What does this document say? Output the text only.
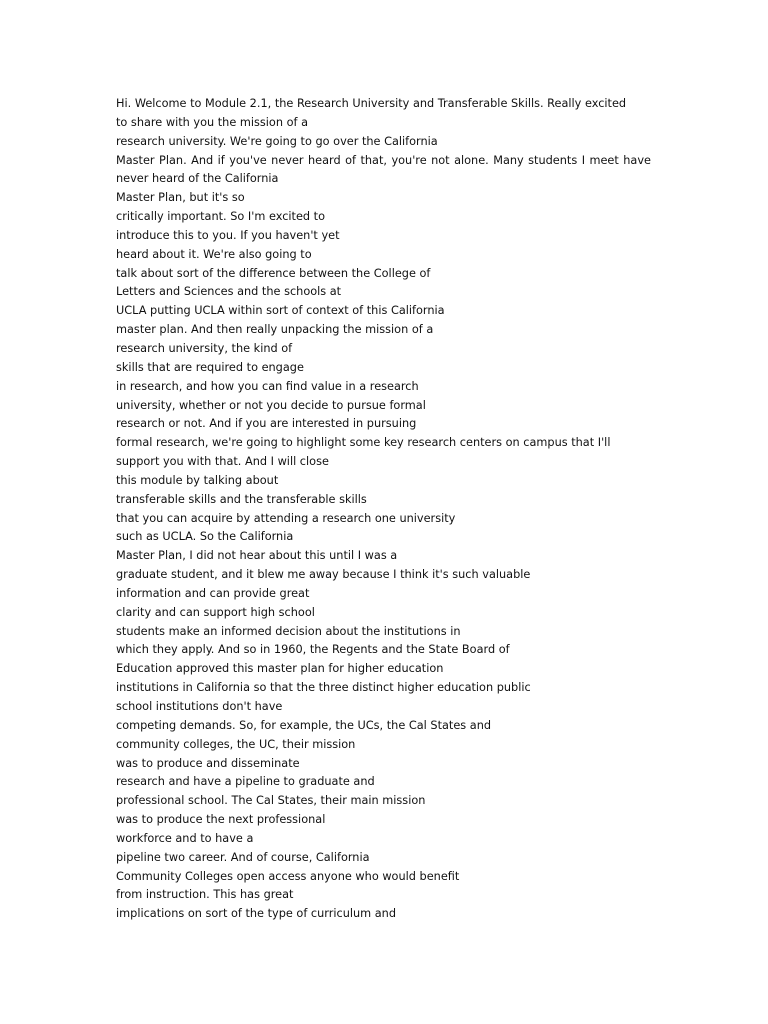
Hi. Welcome to Module 2.1, the Research University and Transferable Skills. Really excited
to share with you the mission of a
research university. We're going to go over the California
Master Plan. And if you've never heard of that, you're not alone. Many students I meet have
never heard of the California
Master Plan, but it's so
critically important. So I'm excited to
introduce this to you. If you haven't yet
heard about it. We're also going to
talk about sort of the difference between the College of
Letters and Sciences and the schools at
UCLA putting UCLA within sort of context of this California
master plan. And then really unpacking the mission of a
research university, the kind of
skills that are required to engage
in research, and how you can find value in a research
university, whether or not you decide to pursue formal
research or not. And if you are interested in pursuing
formal research, we're going to highlight some key research centers on campus that I'll
support you with that. And I will close
this module by talking about
transferable skills and the transferable skills
that you can acquire by attending a research one university
such as UCLA. So the California
Master Plan, I did not hear about this until I was a
graduate student, and it blew me away because I think it's such valuable
information and can provide great
clarity and can support high school
students make an informed decision about the institutions in
which they apply. And so in 1960, the Regents and the State Board of
Education approved this master plan for higher education
institutions in California so that the three distinct higher education public
school institutions don't have
competing demands. So, for example, the UCs, the Cal States and
community colleges, the UC, their mission
was to produce and disseminate
research and have a pipeline to graduate and
professional school. The Cal States, their main mission
was to produce the next professional
workforce and to have a
pipeline two career. And of course, California
Community Colleges open access anyone who would benefit
from instruction. This has great
implications on sort of the type of curriculum and
